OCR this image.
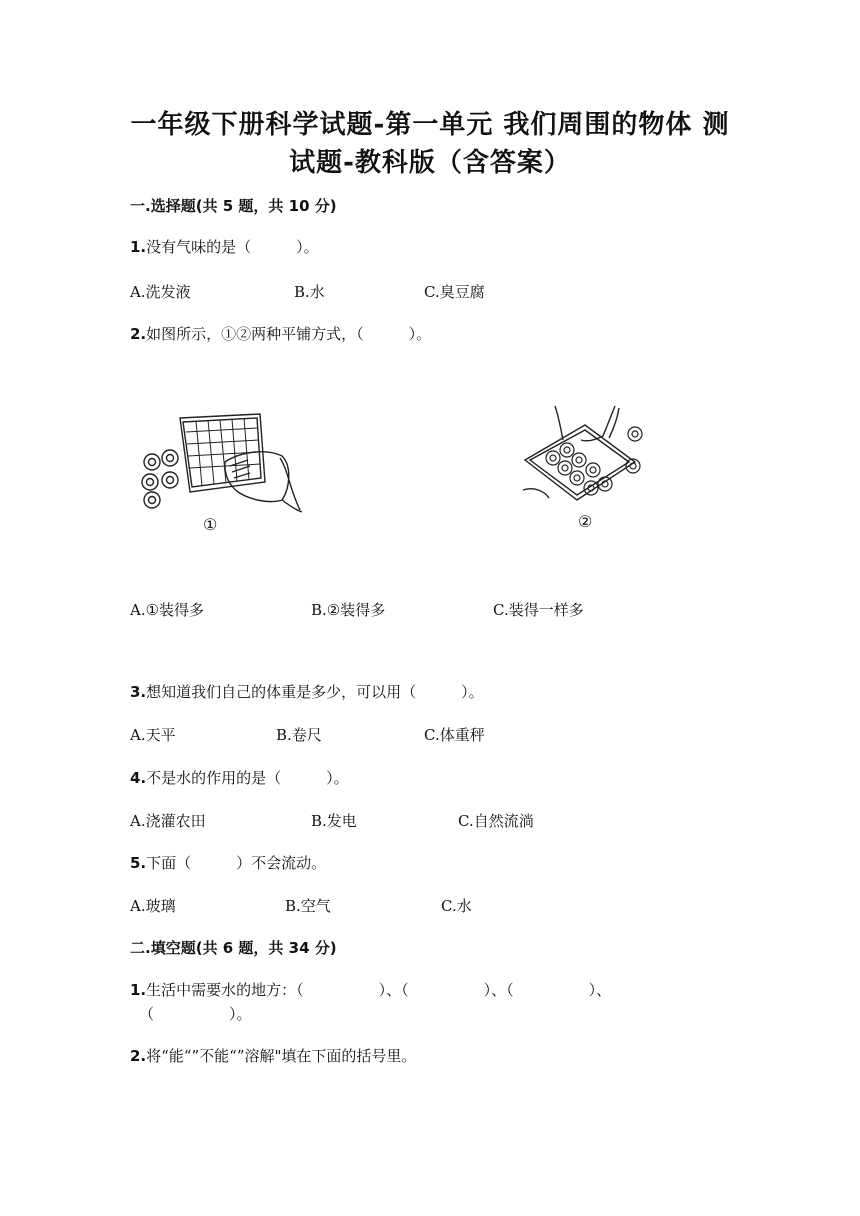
一年级下册科学试题-第一单元 我们周围的物体 测
试题-教科版（含答案）
一.选择题(共 5 题，共 10 分)
1.没有气味的是（　　　）。
A.洗发液	B.水	C.臭豆腐
2.如图所示，①②两种平铺方式，（　　　）。
①	②
A.①装得多	B.②装得多	C.装得一样多
3.想知道我们自己的体重是多少，可以用（　　　）。
A.天平	B.卷尺	C.体重秤
4.不是水的作用的是（　　　）。
A.浇灌农田	B.发电	C.自然流淌
5.下面（　　　）不会流动。
A.玻璃	B.空气	C.水
二.填空题(共 6 题，共 34 分)
1.生活中需要水的地方：（　　　　　）、（　　　　　）、（　　　　　）、
（　　　　　）。
2.将“能“”不能“”溶解"填在下面的括号里。
